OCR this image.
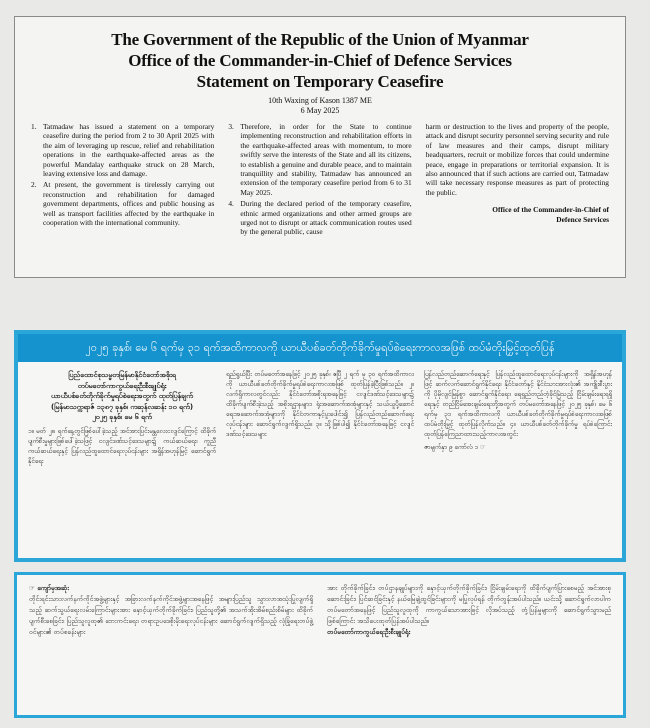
The Government of the Republic of the Union of Myanmar
Office of the Commander-in-Chief of Defence Services
Statement on Temporary Ceasefire
10th Waxing of Kason 1387 ME
6 May 2025
1. Tatmadaw has issued a statement on a temporary ceasefire during the period from 2 to 30 April 2025 with the aim of leveraging up rescue, relief and rehabilitation operations in the earthquake-affected areas as the powerful Mandalay earthquake struck on 28 March, leaving extensive loss and damage.
2. At present, the government is tirelessly carrying out reconstruction and rehabilitation for damaged government departments, offices and public housing as well as transport facilities affected by the earthquake in cooperation with the international community.
3. Therefore, in order for the State to continue implementing reconstruction and rehabilitation efforts in the earthquake-affected areas with momentum, to more swiftly serve the interests of the State and all its citizens, to establish a genuine and durable peace, and to maintain tranquillity and stability, Tatmadaw has announced an extension of the temporary ceasefire period from 6 to 31 May 2025.
4. During the declared period of the temporary ceasefire, ethnic armed organizations and other armed groups are urged not to disrupt or attack communication routes used by the general public, cause
harm or destruction to the lives and property of the people, attack and disrupt security personnel serving security and rule of law measures and their camps, disrupt military headquarters, recruit or mobilize forces that could undermine peace, engage in preparations or territorial expansion. It is also announced that if such actions are carried out, Tatmadaw will take necessary response measures as part of protecting the public.
Office of the Commander-in-Chief of
Defence Services
၂၀၂၅ ခုနှစ်၊ မေ ၆ ရက်မှ ၃၁ ရက်အထိကာလကို ယာယီပစ်ခတ်တိုက်ခိုက်မှုရပ်စဲရေးကာလအဖြစ် ထပ်မံတိုးမြှင့်ထုတ်ပြန်
ပြည်ထောင်စုသမ္မတမြန်မာနိုင်ငံတော်အစိုးရ
တပ်မတော်ကာကွယ်ရေးဦးစီးချုပ်ရုံး
ယာယီပစ်ခတ်တိုက်ခိုက်မှုရပ်စဲရေးအတွက် ထုတ်ပြန်ချက်
(မြန်မာသက္ကရာဇ် ၁၃၈၇ ခုနှစ်၊ ကဆုန်လဆန်း ၁၀ ရက်)
၂၀၂၅ ခုနှစ်၊ မေ ၆ ရက်

၁။ မတ် ၂၈ ရက်နေ့တွင်ဖြစ်ပေါ်ခဲ့သည့် အင်အားပြင်းမန္တလေးငလျင်ကြောင့် ထိခိုက်ပျက်စီးမှုများဖြစ်ပေါ်ခဲ့သဖြင့် ငလျင်ဒဏ်သင့်ဒေသများ၌ ကယ်ဆယ်ရေး၊ ကူညီကယ်ဆယ်ရေးနှင့် ပြန်လည်ထူထောင်ရေးလုပ်ငန်းများ အရှိန်အဟုန်မြင့် ဆောင်ရွက်နိုင်ရေး

ရည်ရွယ်ပြီး တပ်မတော်အနေဖြင့် ၂၀၂၅ ခုနှစ်၊ ဧပြီ ၂ ရက် မှ ၃၀ ရက်အထိကာလကို ယာယီပစ်ခတ်တိုက်ခိုက်မှုရပ်စဲရေးကာလအဖြစ် ထုတ်ပြန်ခဲ့ပြီးဖြစ်သည်။ ၂။ လက်ရှိကာလတွင်လည်း နိုင်ငံတော်အစိုးရအနေဖြင့် ငလျင်ဒဏ်သင့်ဒေသများ၌ ထိခိုက်ပျက်စီးခဲ့သည့် အစိုးရဌာနများ၊ ရုံးအဆောက်အအုံများနှင့် သယ်ယူပို့ဆောင်ရေးအဆောက်အအုံများကို နိုင်ငံတကာနှင့်ပူးပေါင်း၍ ပြန်လည်တည်ဆောက်ရေးလုပ်ငန်းများ ဆောင်ရွက်လျက်ရှိသည်။ ၃။ သို့ဖြစ်ပါ၍ နိုင်ငံတော်အနေဖြင့် ငလျင်ဒဏ်သင့်ဒေသများ

ပြန်လည်တည်ဆောက်ရေးနှင့် ပြန်လည်ထူထောင်ရေးလုပ်ငန်းများကို အရှိန်အဟုန်ဖြင့် ဆက်လက်ဆောင်ရွက်နိုင်ရေး၊ နိုင်ငံတော်နှင့် နိုင်ငံသားအားလုံး၏ အကျိုးစီးပွားကို ပိုမိုလျင်မြန်စွာ ဆောင်ရွက်နိုင်ရေး၊ ရေရှည်တည်တံ့ခိုင်မြဲသည့် ငြိမ်းချမ်းရေးရရှိရေးနှင့် တည်ငြိမ်အေးချမ်းရေးတို့အတွက် တပ်မတော်အနေဖြင့် ၂၀၂၅ ခုနှစ်၊ မေ ၆ ရက်မှ ၃၁ ရက်အထိကာလကို ယာယီပစ်ခတ်တိုက်ခိုက်မှုရပ်စဲရေးကာလအဖြစ် ထပ်မံတိုးမြှင့် ထုတ်ပြန်လိုက်သည်။ ၄။ ယာယီပစ်ခတ်တိုက်ခိုက်မှု ရပ်စဲကြောင်း ထုတ်ပြန်ကြေညာထားသည့်ကာလအတွင်း

ဇာမျက်နှာ ၉ ကော်လံ ၁ ☞

☞ ကျော်မှအဆုံး

တိုင်းရင်းသားလက်နက်ကိုင်အဖွဲ့များနှင့် အခြားလက်နက်ကိုင်အဖွဲ့များအနေဖြင့် အများပြည်သူ သွားလာအသုံးပြုလျက်ရှိသည့် ဆက်သွယ်ရေးလမ်းကြောင်းများအား နှောင့်ယှက်တိုက်ခိုက်ခြင်း၊ ပြည်သူတို့၏ အသက်အိုးအိမ်စည်းစိမ်များ ထိခိုက်ပျက်စီးစေခြင်း၊ ပြည်သူလူထု၏ ဘေးကင်းရေး၊ တရားဥပဒေစိုးမိုးရေးလုပ်ငန်းများ ဆောင်ရွက်လျက်ရှိသည့် လုံခြုံရေးတပ်ဖွဲ့ဝင်များ၏ တပ်စခန်းများ

အား တိုက်ခိုက်ခြင်း၊ တပ်ဌာနချုပ်များကို နှောင့်ယှက်တိုက်ခိုက်ခြင်း၊ ငြိမ်းချမ်းရေးကို ထိခိုက်ပျက်ပြားစေမည့် အင်အားစုဆောင်းခြင်း၊ ပြင်ဆင်ခြင်းနှင့် နယ်မြေချဲ့ထွင်ခြင်းများကို မပြုလုပ်ရန် တိုက်တွန်းအပ်ပါသည်။ ယင်းသို့ ဆောင်ရွက်လာပါက တပ်မတော်အနေဖြင့် ပြည်သူလူထုကို ကာကွယ်သောအားဖြင့် လိုအပ်သည့် တုံ့ပြန်မှုများကို ဆောင်ရွက်သွားမည်ဖြစ်ကြောင်း အသိပေးထုတ်ပြန်အပ်ပါသည်။

တပ်မတော်ကာကွယ်ရေးဦးစီးချုပ်ရုံး
